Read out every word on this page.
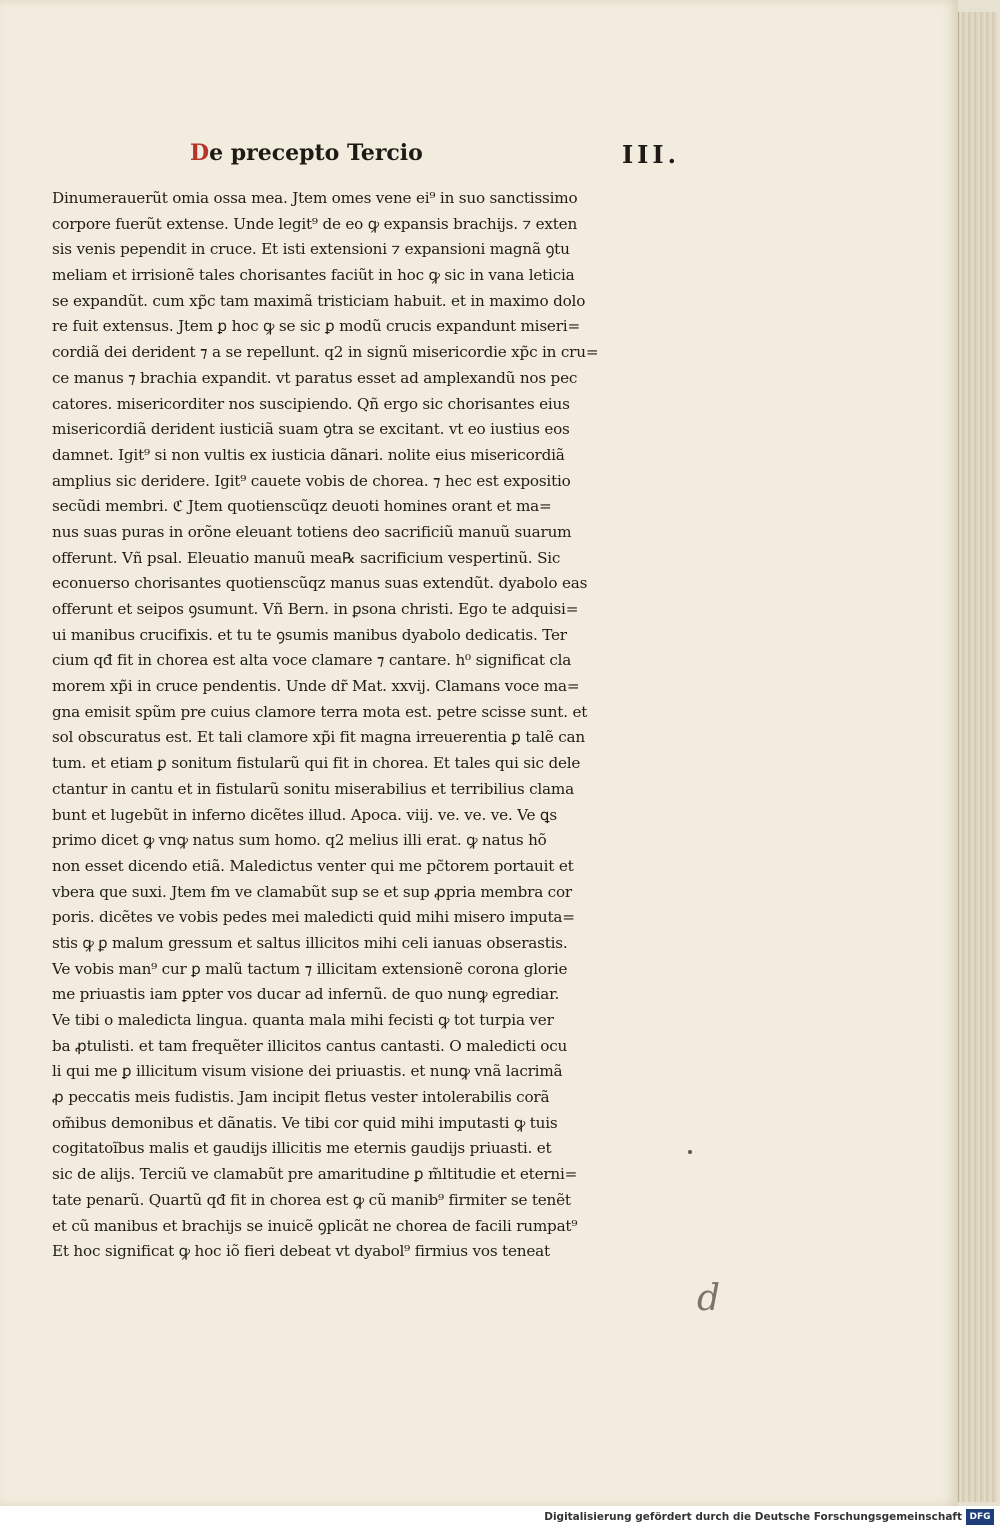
De precepto Tercio	III.
Dinumerauerũt omia ossa mea. Jtem omes vene ei⁹ in suo sanctissimo
corpore fuerũt extense. Unde legit⁹ de eo ꝙ expansis brachijs. ⁊ exten
sis venis pependit in cruce. Et isti extensioni ⁊ expansioni magnã ꝯtu
meliam et irrisionẽ tales chorisantes faciũt in hoc ꝙ sic in vana leticia
se expandũt. cum xp̃c tam maximã tristiciam habuit. et in maximo dolo
re fuit extensus. Jtem ꝑ hoc ꝙ se sic ꝑ modũ crucis expandunt miseri=
cordiã dei derident ⁊ a se repellunt. q2 in signũ misericordie xp̃c in cru=
ce manus ⁊ brachia expandit. vt paratus esset ad amplexandũ nos pec
catores. misericorditer nos suscipiendo. Qñ ergo sic chorisantes eius
misericordiã derident iusticiã suam ꝯtra se excitant. vt eo iustius eos
damnet. Igit⁹ si non vultis ex iusticia dãnari. nolite eius misericordiã
amplius sic deridere. Igit⁹ cauete vobis de chorea. ⁊ hec est expositio
secũdi membri. ℭ Jtem quotienscũqz deuoti homines orant et ma=
nus suas puras in orõne eleuant totiens deo sacrificiũ manuũ suarum
offerunt. Vñ psal. Eleuatio manuũ mea℞ sacrificium vespertinũ. Sic
econuerso chorisantes quotienscũqz manus suas extendũt. dyabolo eas
offerunt et seipos ꝯsumunt. Vñ Bern. in ꝑsona christi. Ego te adquisi=
ui manibus crucifixis. et tu te ꝯsumis manibus dyabolo dedicatis. Ter
cium qđ fit in chorea est alta voce clamare ⁊ cantare. h⁰ significat cla
morem xp̃i in cruce pendentis. Unde dr̃ Mat. xxvij. Clamans voce ma=
gna emisit spũm pre cuius clamore terra mota est. petre scisse sunt. et
sol obscuratus est. Et tali clamore xp̃i fit magna irreuerentia ꝑ talẽ can
tum. et etiam ꝑ sonitum fistularũ qui fit in chorea. Et tales qui sic dele
ctantur in cantu et in fistularũ sonitu miserabilius et terribilius clama
bunt et lugebũt in inferno dicẽtes illud. Apoca. viij. ve. ve. ve. Ve ꝗs
primo dicet ꝙ vnꝙ natus sum homo. q2 melius illi erat. ꝙ natus hõ
non esset dicendo etiã. Maledictus venter qui me pc̃torem portauit et
vbera que suxi. Jtem ẜm ve clamabũt sup se et sup ꝓpria membra cor
poris. dicẽtes ve vobis pedes mei maledicti quid mihi misero imputa=
stis ꝙ ꝑ malum gressum et saltus illicitos mihi celi ianuas obserastis.
Ve vobis man⁹ cur ꝑ malũ tactum ⁊ illicitam extensionẽ corona glorie
me priuastis iam ꝑpter vos ducar ad infernũ. de quo nunꝙ egrediar.
Ve tibi o maledicta lingua. quanta mala mihi fecisti ꝙ tot turpia ver
ba ꝓtulisti. et tam frequẽter illicitos cantus cantasti. O maledicti ocu
li qui me ꝑ illicitum visum visione dei priuastis. et nunꝙ vnã lacrimã
ꝓ peccatis meis fudistis. Jam incipit fletus vester intolerabilis corã
om̃ibus demonibus et dãnatis. Ve tibi cor quid mihi imputasti ꝙ tuis
cogitatoĩbus malis et gaudijs illicitis me eternis gaudijs priuasti. et
sic de alijs. Terciũ ve clamabũt pre amaritudine ꝑ m̃ltitudie et eterni=
tate penarũ. Quartũ qđ fit in chorea est ꝙ cũ manib⁹ firmiter se tenẽt
et cũ manibus et brachijs se inuicẽ ꝯplicãt ne chorea de facili rumpat⁹
Et hoc significat ꝙ hoc iõ fieri debeat vt dyabol⁹ firmius vos teneat
d
Digitalisierung gefördert durch die Deutsche Forschungsgemeinschaft DFG
